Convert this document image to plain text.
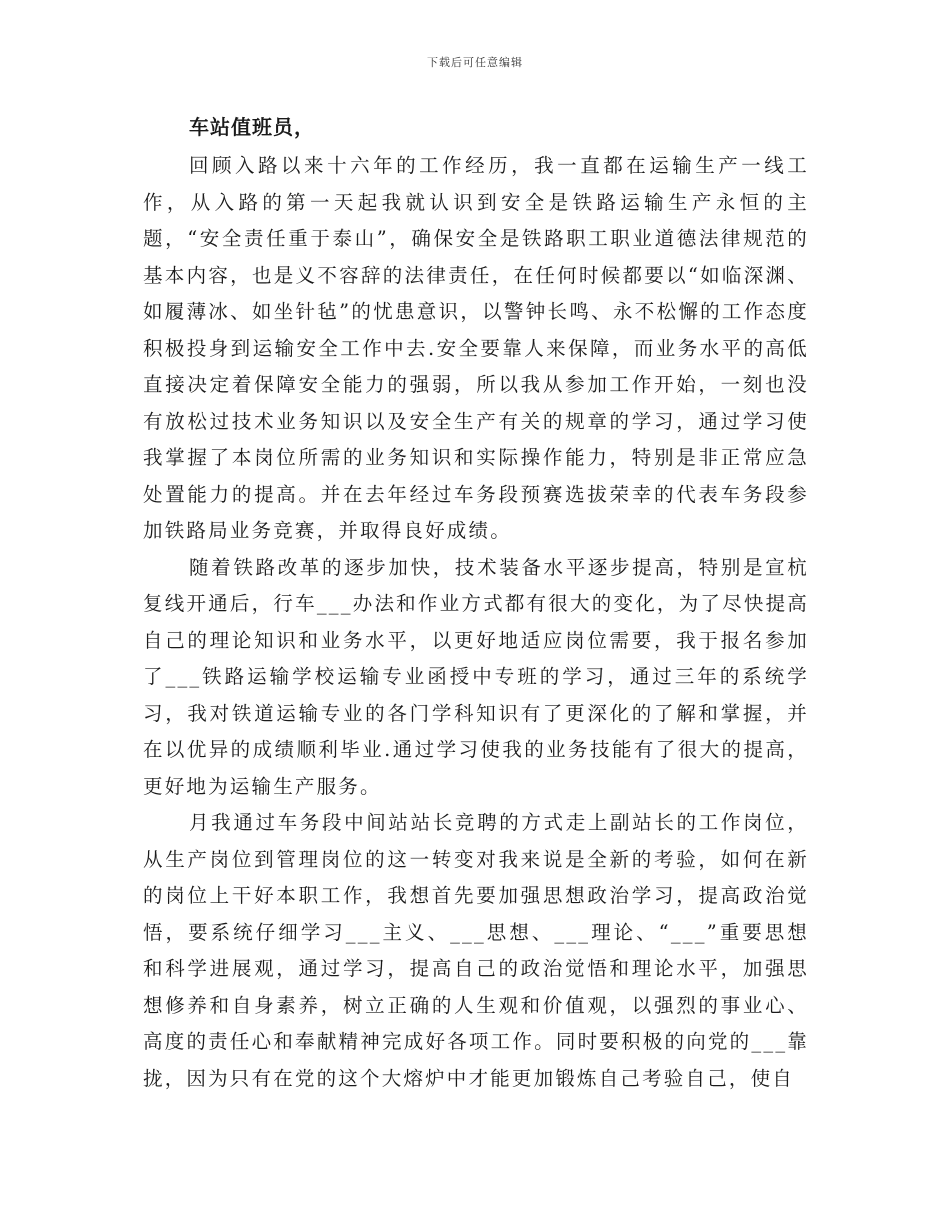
下载后可任意编辑

车站值班员，

回顾入路以来十六年的工作经历，我一直都在运输生产一线工作，从入路的第一天起我就认识到安全是铁路运输生产永恒的主题，“安全责任重于泰山”，确保安全是铁路职工职业道德法律规范的基本内容，也是义不容辞的法律责任，在任何时候都要以“如临深渊、如履薄冰、如坐针毡”的忧患意识，以警钟长鸣、永不松懈的工作态度积极投身到运输安全工作中去.安全要靠人来保障，而业务水平的高低直接决定着保障安全能力的强弱，所以我从参加工作开始，一刻也没有放松过技术业务知识以及安全生产有关的规章的学习，通过学习使我掌握了本岗位所需的业务知识和实际操作能力，特别是非正常应急处置能力的提高。并在去年经过车务段预赛选拔荣幸的代表车务段参加铁路局业务竞赛，并取得良好成绩。

随着铁路改革的逐步加快，技术装备水平逐步提高，特别是宣杭复线开通后，行车___办法和作业方式都有很大的变化，为了尽快提高自己的理论知识和业务水平，以更好地适应岗位需要，我于报名参加了___铁路运输学校运输专业函授中专班的学习，通过三年的系统学习，我对铁道运输专业的各门学科知识有了更深化的了解和掌握，并在以优异的成绩顺利毕业.通过学习使我的业务技能有了很大的提高，更好地为运输生产服务。

月我通过车务段中间站站长竞聘的方式走上副站长的工作岗位，从生产岗位到管理岗位的这一转变对我来说是全新的考验，如何在新的岗位上干好本职工作，我想首先要加强思想政治学习，提高政治觉悟，要系统仔细学习___主义、___思想、___理论、“___”重要思想和科学进展观，通过学习，提高自己的政治觉悟和理论水平，加强思想修养和自身素养，树立正确的人生观和价值观，以强烈的事业心、高度的责任心和奉献精神完成好各项工作。同时要积极的向党的___靠拢，因为只有在党的这个大熔炉中才能更加锻炼自己考验自己，使自
